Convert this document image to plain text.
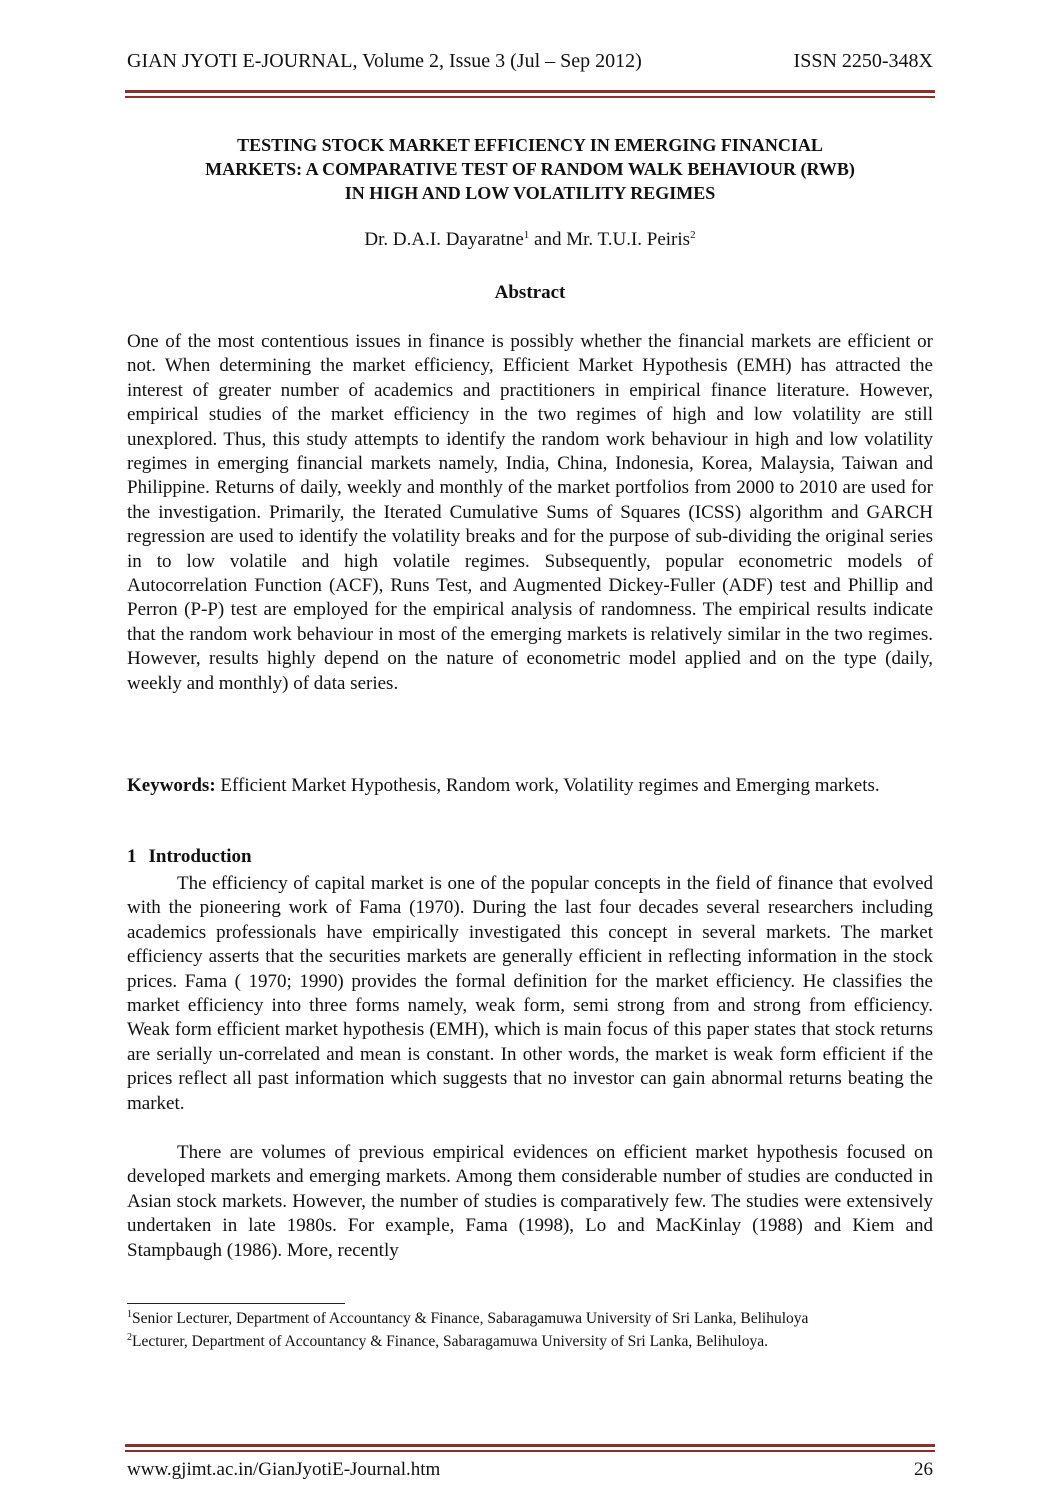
GIAN JYOTI E-JOURNAL, Volume 2, Issue 3 (Jul – Sep 2012)	ISSN 2250-348X
TESTING STOCK MARKET EFFICIENCY IN EMERGING FINANCIAL
MARKETS: A COMPARATIVE TEST OF RANDOM WALK BEHAVIOUR (RWB)
IN HIGH AND LOW VOLATILITY REGIMES
Dr. D.A.I. Dayaratne$^1$ and Mr. T.U.I. Peiris$^2$
Abstract

One of the most contentious issues in finance is possibly whether the financial markets are efficient or not. When determining the market efficiency, Efficient Market Hypothesis (EMH) has attracted the interest of greater number of academics and practitioners in empirical finance literature. However, empirical studies of the market efficiency in the two regimes of high and low volatility are still unexplored. Thus, this study attempts to identify the random work behaviour in high and low volatility regimes in emerging financial markets namely, India, China, Indonesia, Korea, Malaysia, Taiwan and Philippine. Returns of daily, weekly and monthly of the market portfolios from 2000 to 2010 are used for the investigation. Primarily, the Iterated Cumulative Sums of Squares (ICSS) algorithm and GARCH regression are used to identify the volatility breaks and for the purpose of sub-dividing the original series in to low volatile and high volatile regimes. Subsequently, popular econometric models of Autocorrelation Function (ACF), Runs Test, and Augmented Dickey-Fuller (ADF) test and Phillip and Perron (P-P) test are employed for the empirical analysis of randomness. The empirical results indicate that the random work behaviour in most of the emerging markets is relatively similar in the two regimes. However, results highly depend on the nature of econometric model applied and on the type (daily, weekly and monthly) of data series.

Keywords: Efficient Market Hypothesis, Random work, Volatility regimes and Emerging markets.

1 Introduction

The efficiency of capital market is one of the popular concepts in the field of finance that evolved with the pioneering work of Fama (1970). During the last four decades several researchers including academics professionals have empirically investigated this concept in several markets. The market efficiency asserts that the securities markets are generally efficient in reflecting information in the stock prices. Fama ( 1970; 1990) provides the formal definition for the market efficiency. He classifies the market efficiency into three forms namely, weak form, semi strong from and strong from efficiency. Weak form efficient market hypothesis (EMH), which is main focus of this paper states that stock returns are serially un-correlated and mean is constant. In other words, the market is weak form efficient if the prices reflect all past information which suggests that no investor can gain abnormal returns beating the market.

There are volumes of previous empirical evidences on efficient market hypothesis focused on developed markets and emerging markets. Among them considerable number of studies are conducted in Asian stock markets. However, the number of studies is comparatively few. The studies were extensively undertaken in late 1980s. For example, Fama (1998), Lo and MacKinlay (1988) and Kiem and Stampbaugh (1986). More, recently

$^1$Senior Lecturer, Department of Accountancy & Finance, Sabaragamuwa University of Sri Lanka, Belihuloya
$^2$Lecturer, Department of Accountancy & Finance, Sabaragamuwa University of Sri Lanka, Belihuloya.
www.gjimt.ac.in/GianJyotiE-Journal.htm	26
